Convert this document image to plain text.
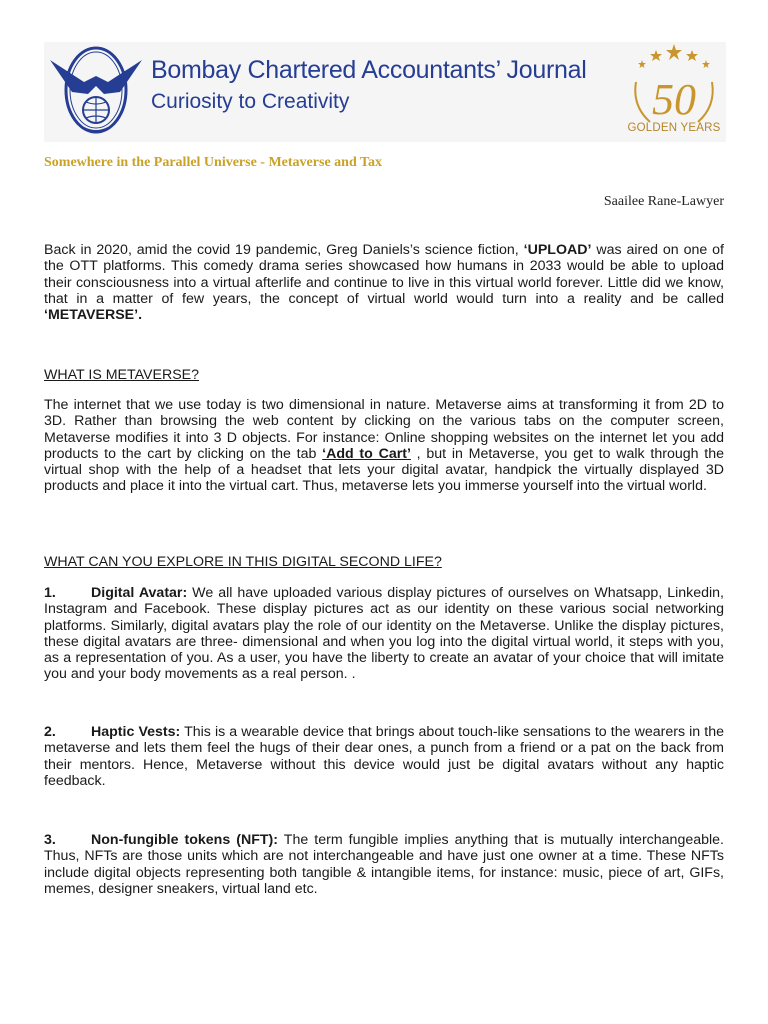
Bombay Chartered Accountants’ Journal
Curiosity to Creativity	50
GOLDEN YEARS
Somewhere in the Parallel Universe - Metaverse and Tax
Saailee Rane-Lawyer
Back in 2020, amid the covid 19 pandemic, Greg Daniels’s science fiction, ‘UPLOAD’ was aired on one of the OTT platforms. This comedy drama series showcased how humans in 2033 would be able to upload their consciousness into a virtual afterlife and continue to live in this virtual world forever. Little did we know, that in a matter of few years, the concept of virtual world would turn into a reality and be called ‘METAVERSE’.
WHAT IS METAVERSE?
The internet that we use today is two dimensional in nature. Metaverse aims at transforming it from 2D to 3D. Rather than browsing the web content by clicking on the various tabs on the computer screen, Metaverse modifies it into 3 D objects. For instance: Online shopping websites on the internet let you add products to the cart by clicking on the tab ‘Add to Cart’ , but in Metaverse, you get to walk through the virtual shop with the help of a headset that lets your digital avatar, handpick the virtually displayed 3D products and place it into the virtual cart. Thus, metaverse lets you immerse yourself into the virtual world.
WHAT CAN YOU EXPLORE IN THIS DIGITAL SECOND LIFE?
1. Digital Avatar: We all have uploaded various display pictures of ourselves on Whatsapp, Linkedin, Instagram and Facebook. These display pictures act as our identity on these various social networking platforms. Similarly, digital avatars play the role of our identity on the Metaverse. Unlike the display pictures, these digital avatars are three- dimensional and when you log into the digital virtual world, it steps with you, as a representation of you. As a user, you have the liberty to create an avatar of your choice that will imitate you and your body movements as a real person. .
2. Haptic Vests: This is a wearable device that brings about touch-like sensations to the wearers in the metaverse and lets them feel the hugs of their dear ones, a punch from a friend or a pat on the back from their mentors. Hence, Metaverse without this device would just be digital avatars without any haptic feedback.
3. Non-fungible tokens (NFT): The term fungible implies anything that is mutually interchangeable. Thus, NFTs are those units which are not interchangeable and have just one owner at a time. These NFTs include digital objects representing both tangible & intangible items, for instance: music, piece of art, GIFs, memes, designer sneakers, virtual land etc.
